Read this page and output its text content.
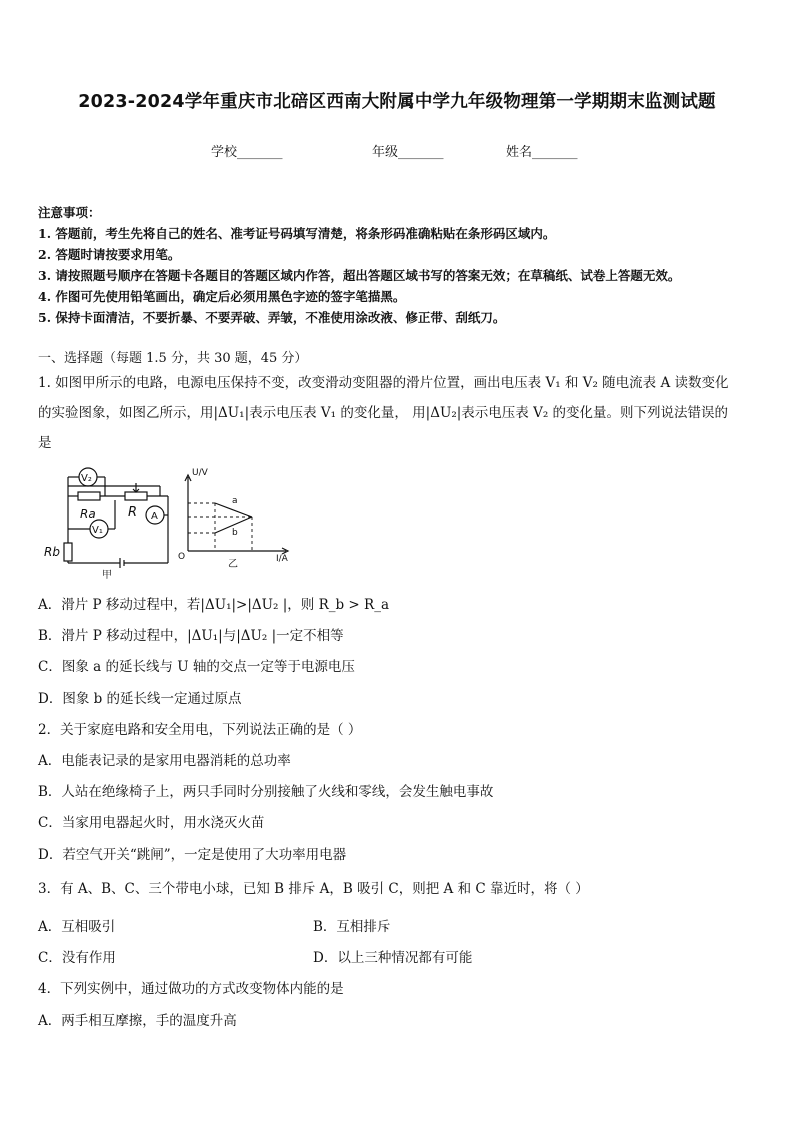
2023-2024学年重庆市北碚区西南大附属中学九年级物理第一学期期末监测试题
学校_______	年级_______	姓名_______
注意事项：
1. 答题前，考生先将自己的姓名、准考证号码填写清楚，将条形码准确粘贴在条形码区域内。
2. 答题时请按要求用笔。
3. 请按照题号顺序在答题卡各题目的答题区域内作答，超出答题区域书写的答案无效；在草稿纸、试卷上答题无效。
4. 作图可先使用铅笔画出，确定后必须用黑色字迹的签字笔描黑。
5. 保持卡面清洁，不要折暴、不要弄破、弄皱，不准使用涂改液、修正带、刮纸刀。
一、选择题（每题 1.5 分，共 30 题，45 分）
1. 如图甲所示的电路，电源电压保持不变，改变滑动变阻器的滑片位置，画出电压表 V₁ 和 V₂ 随电流表 A 读数变化
的实验图象，如图乙所示，用|ΔU₁|表示电压表 V₁ 的变化量， 用|ΔU₂|表示电压表 V₂ 的变化量。则下列说法错误的
是
V₂
Ra R A
V₁
Rb
甲
U/V
I/A
O
a
b
乙
A．滑片 P 移动过程中，若|ΔU₁|>|ΔU₂ |，则 R_b > R_a
B．滑片 P 移动过程中，|ΔU₁|与|ΔU₂ |一定不相等
C．图象 a 的延长线与 U 轴的交点一定等于电源电压
D．图象 b 的延长线一定通过原点
2．关于家庭电路和安全用电，下列说法正确的是（ ）
A．电能表记录的是家用电器消耗的总功率
B．人站在绝缘椅子上，两只手同时分别接触了火线和零线，会发生触电事故
C．当家用电器起火时，用水浇灭火苗
D．若空气开关“跳闸”，一定是使用了大功率用电器
3．有 A、B、C、三个带电小球，已知 B 排斥 A，B 吸引 C，则把 A 和 C 靠近时，将（ ）
A．互相吸引	B．互相排斥
C．没有作用	D．以上三种情况都有可能
4．下列实例中，通过做功的方式改变物体内能的是
A．两手相互摩擦，手的温度升高
